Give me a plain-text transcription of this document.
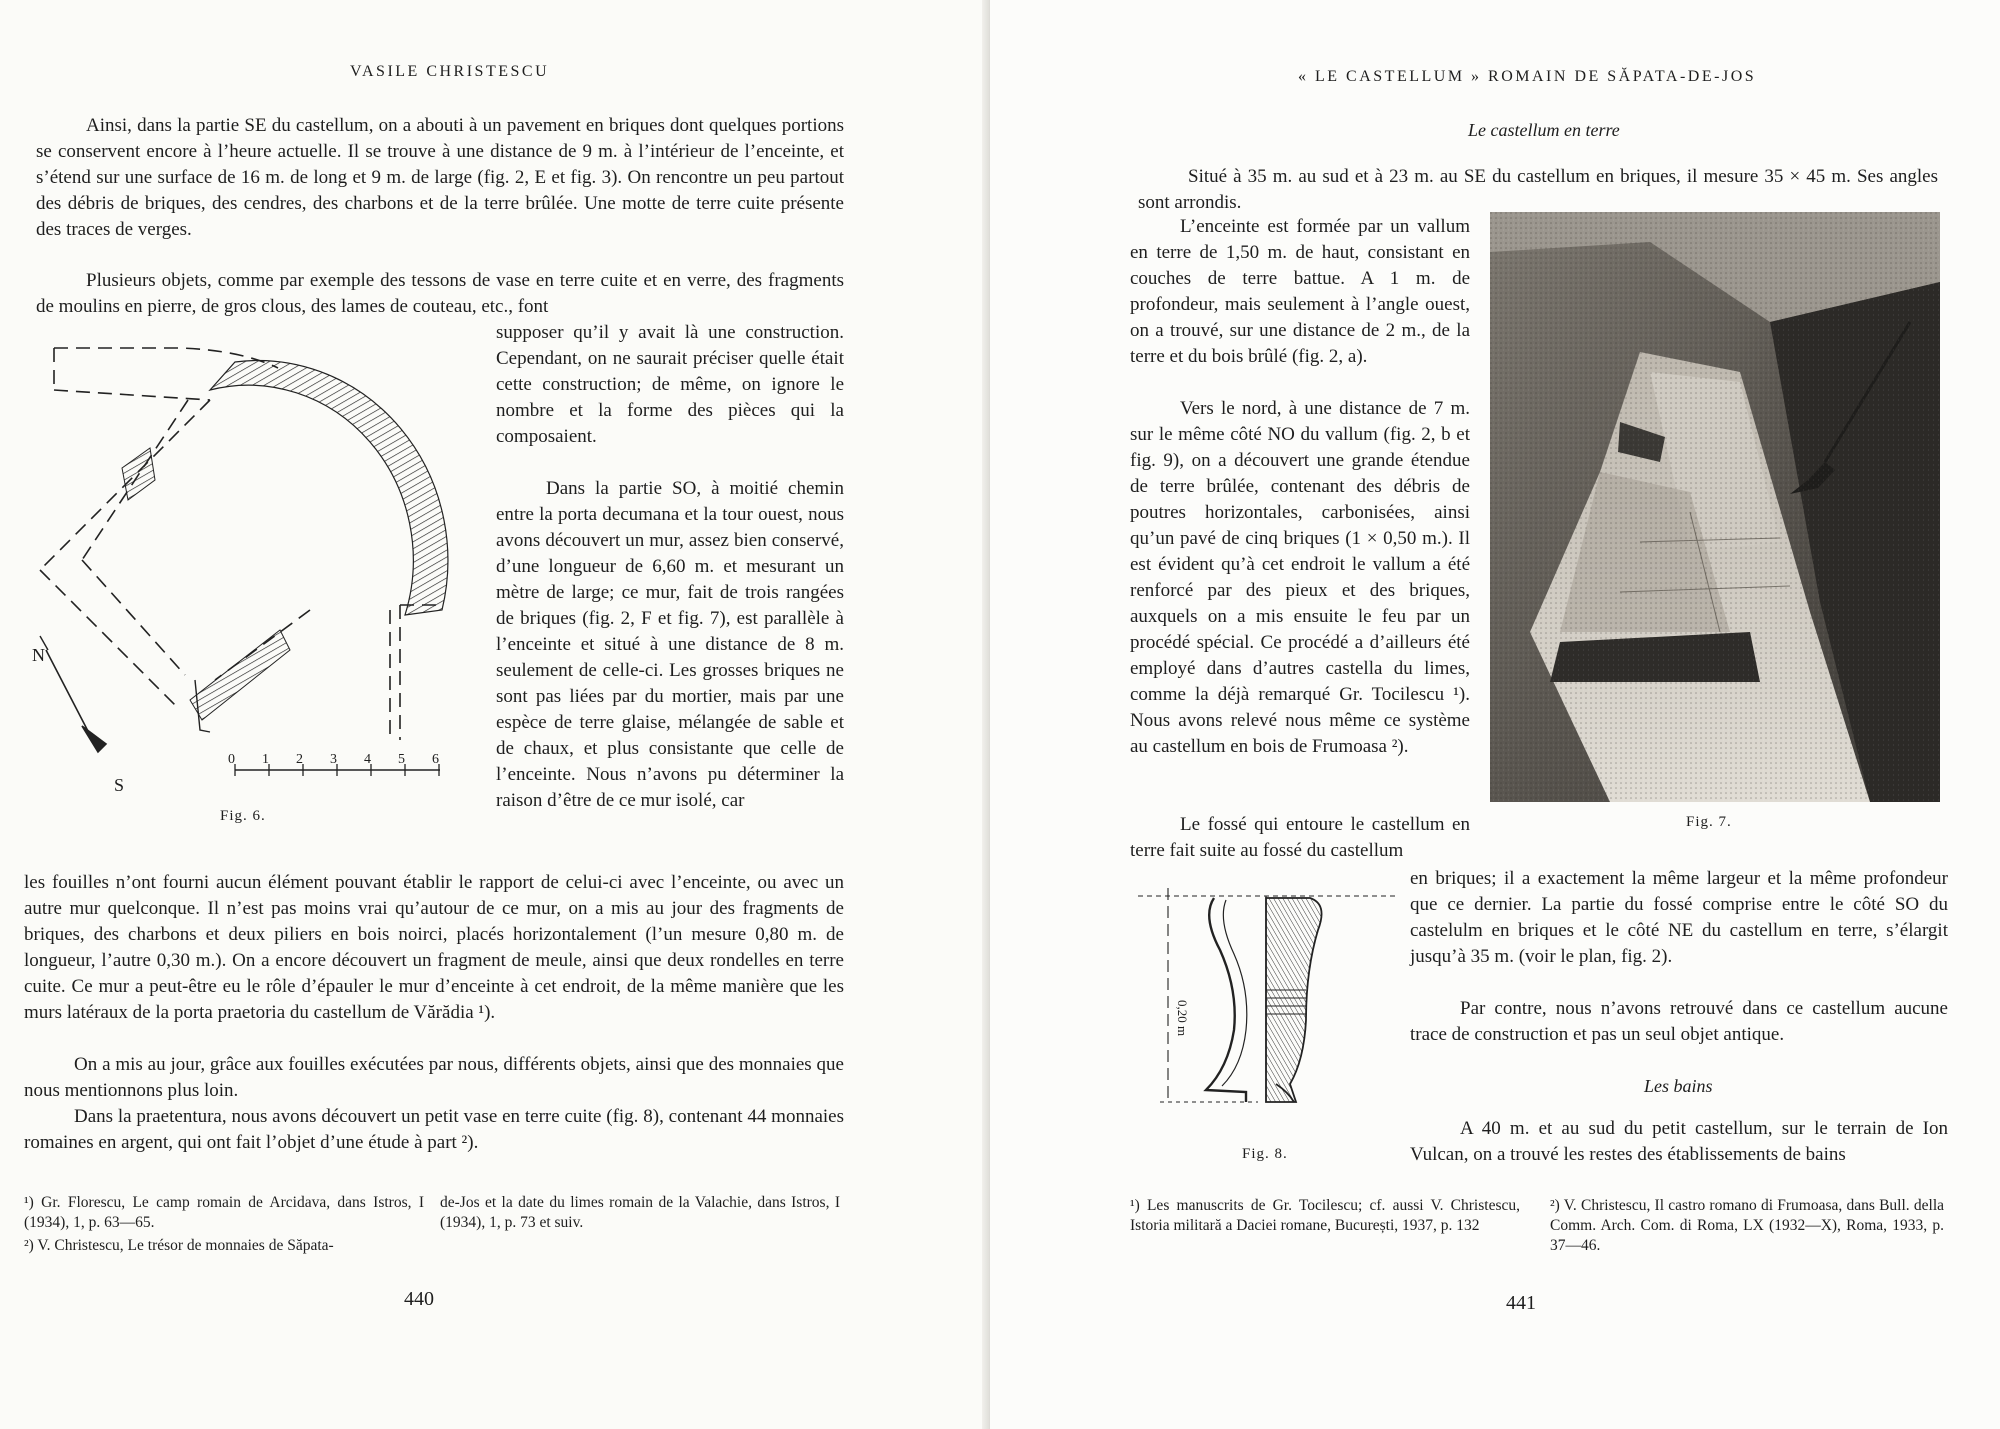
VASILE CHRISTESCU

Ainsi, dans la partie SE du castellum, on a abouti à un pavement en briques dont quelques portions se conservent encore à l’heure actuelle. Il se trouve à une distance de 9 m. à l’intérieur de l’enceinte, et s’étend sur une surface de 16 m. de long et 9 m. de large (fig. 2, E et fig. 3). On rencontre un peu partout des débris de briques, des cendres, des charbons et de la terre brûlée. Une motte de terre cuite présente des traces de verges.

Plusieurs objets, comme par exemple des tessons de vase en terre cuite et en verre, des fragments de moulins en pierre, de gros clous, des lames de couteau, etc., font

supposer qu’il y avait là une construction. Cependant, on ne saurait préciser quelle était cette construction; de même, on ignore le nombre et la forme des pièces qui la composaient.

Dans la partie SO, à moitié chemin entre la porta decumana et la tour ouest, nous avons découvert un mur, assez bien conservé, d’une longueur de 6,60 m. et mesurant un mètre de large; ce mur, fait de trois rangées de briques (fig. 2, F et fig. 7), est parallèle à l’enceinte et situé à une distance de 8 m. seulement de celle-ci. Les grosses briques ne sont pas liées par du mortier, mais par une espèce de terre glaise, mélangée de sable et de chaux, et plus consistante que celle de l’enceinte. Nous n’avons pu déterminer la raison d’être de ce mur isolé, car

les fouilles n’ont fourni aucun élément pouvant établir le rapport de celui-ci avec l’enceinte, ou avec un autre mur quelconque. Il n’est pas moins vrai qu’autour de ce mur, on a mis au jour des fragments de briques, des charbons et deux piliers en bois noirci, placés horizontalement (l’un mesure 0,80 m. de longueur, l’autre 0,30 m.). On a encore découvert un fragment de meule, ainsi que deux rondelles en terre cuite. Ce mur a peut-être eu le rôle d’épauler le mur d’enceinte à cet endroit, de la même manière que les murs latéraux de la porta praetoria du castellum de Vărădia ¹).

On a mis au jour, grâce aux fouilles exécutées par nous, différents objets, ainsi que des monnaies que nous mentionnons plus loin.

Dans la praetentura, nous avons découvert un petit vase en terre cuite (fig. 8), contenant 44 monnaies romaines en argent, qui ont fait l’objet d’une étude à part ²).

N
S
0 1 2 3 4 5 6
Fig. 6.

¹) Gr. Florescu, Le camp romain de Arcidava, dans Istros, I (1934), 1, p. 63—65.

²) V. Christescu, Le trésor de monnaies de Săpata-

de-Jos et la date du limes romain de la Valachie, dans Istros, I (1934), 1, p. 73 et suiv.

440
« LE CASTELLUM » ROMAIN DE SĂPATA-DE-JOS
Le castellum en terre

Situé à 35 m. au sud et à 23 m. au SE du castellum en briques, il mesure 35 × 45 m. Ses angles sont arrondis.

L’enceinte est formée par un vallum en terre de 1,50 m. de haut, consistant en couches de terre battue. A 1 m. de profondeur, mais seulement à l’angle ouest, on a trouvé, sur une distance de 2 m., de la terre et du bois brûlé (fig. 2, a).

Vers le nord, à une distance de 7 m. sur le même côté NO du vallum (fig. 2, b et fig. 9), on a découvert une grande étendue de terre brûlée, contenant des débris de poutres horizontales, carbonisées, ainsi qu’un pavé de cinq briques (1 × 0,50 m.). Il est évident qu’à cet endroit le vallum a été renforcé par des pieux et des briques, auxquels on a mis ensuite le feu par un procédé spécial. Ce procédé a d’ailleurs été employé dans d’autres castella du limes, comme la déjà remarqué Gr. Tocilescu ¹). Nous avons relevé nous même ce système au castellum en bois de Frumoasa ²).

Le fossé qui entoure le castellum en terre fait suite au fossé du castellum

Fig. 7.
0,20 m
Fig. 8.

en briques; il a exactement la même largeur et la même profondeur que ce dernier. La partie du fossé comprise entre le côté SO du castelulm en briques et le côté NE du castellum en terre, s’élargit jusqu’à 35 m. (voir le plan, fig. 2).

Par contre, nous n’avons retrouvé dans ce castellum aucune trace de construction et pas un seul objet antique.

Les bains

A 40 m. et au sud du petit castellum, sur le terrain de Ion Vulcan, on a trouvé les restes des établissements de bains

¹) Les manuscrits de Gr. Tocilescu; cf. aussi V. Christescu, Istoria militară a Daciei romane, București, 1937, p. 132

²) V. Christescu, Il castro romano di Frumoasa, dans Bull. della Comm. Arch. Com. di Roma, LX (1932—X), Roma, 1933, p. 37—46.

441
